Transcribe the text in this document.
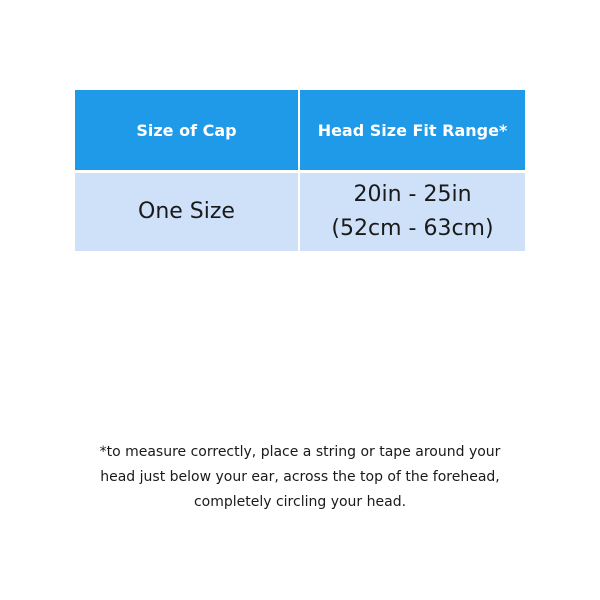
Size of Cap	Head Size Fit Range*
One Size	20in - 25in
(52cm - 63cm)
*to measure correctly, place a string or tape around your
head just below your ear, across the top of the forehead,
completely circling your head.
